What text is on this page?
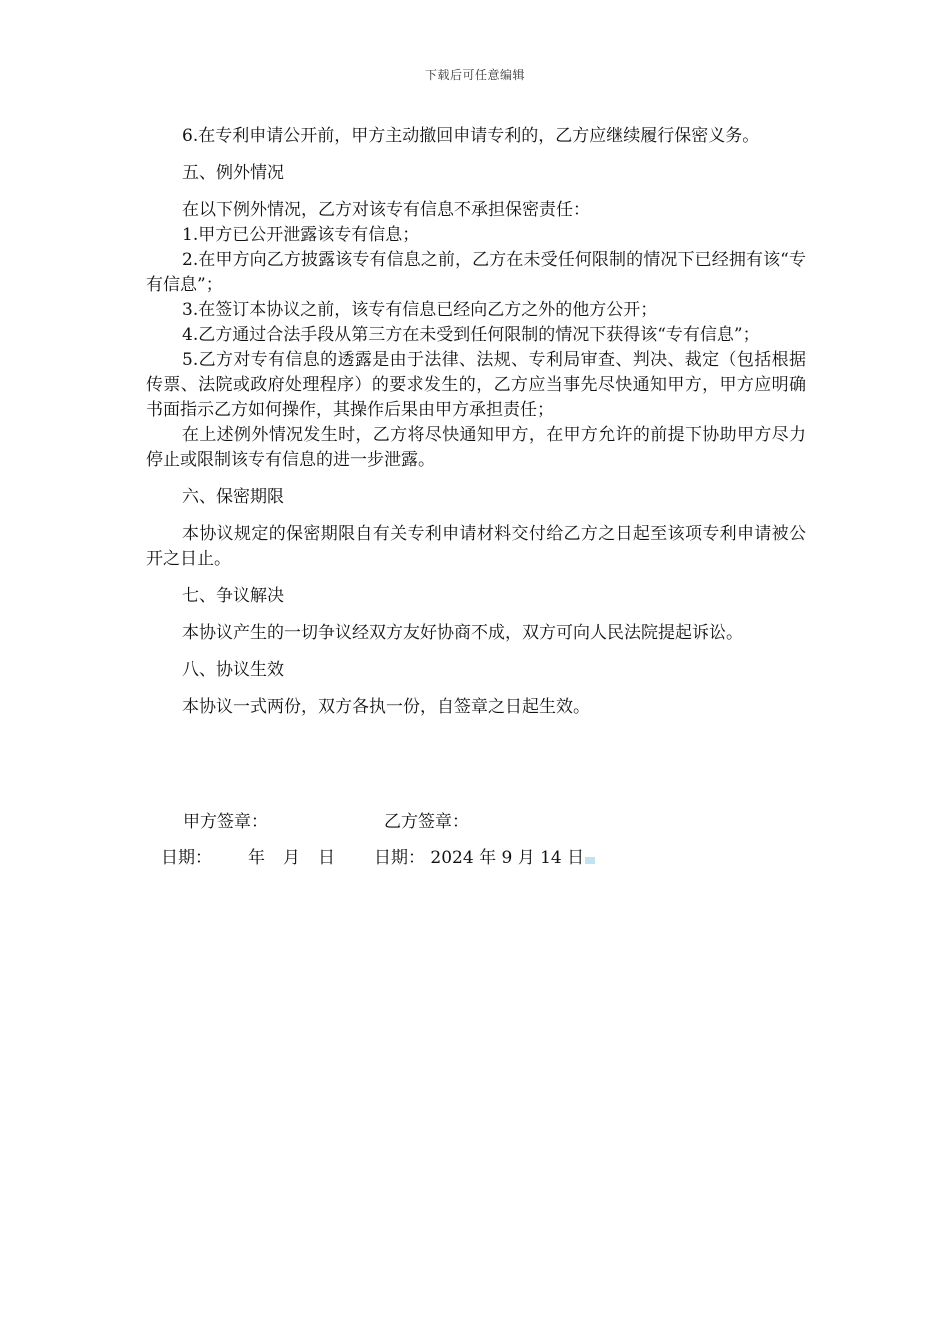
下载后可任意编辑

6.在专利申请公开前，甲方主动撤回申请专利的，乙方应继续履行保密义务。

五、例外情况

在以下例外情况，乙方对该专有信息不承担保密责任：

1.甲方已公开泄露该专有信息；

2.在甲方向乙方披露该专有信息之前，乙方在未受任何限制的情况下已经拥有该“专有信息”；

3.在签订本协议之前，该专有信息已经向乙方之外的他方公开；

4.乙方通过合法手段从第三方在未受到任何限制的情况下获得该“专有信息”；

5.乙方对专有信息的透露是由于法律、法规、专利局审查、判决、裁定（包括根据传票、法院或政府处理程序）的要求发生的，乙方应当事先尽快通知甲方，甲方应明确书面指示乙方如何操作，其操作后果由甲方承担责任；

在上述例外情况发生时，乙方将尽快通知甲方，在甲方允许的前提下协助甲方尽力停止或限制该专有信息的进一步泄露。

六、保密期限

本协议规定的保密期限自有关专利申请材料交付给乙方之日起至该项专利申请被公开之日止。

七、争议解决

本协议产生的一切争议经双方友好协商不成，双方可向人民法院提起诉讼。

八、协议生效

本协议一式两份，双方各执一份，自签章之日起生效。

甲方签章：	乙方签章：
日期： 年 月 日 日期： 2024 年 9 月 14 日
